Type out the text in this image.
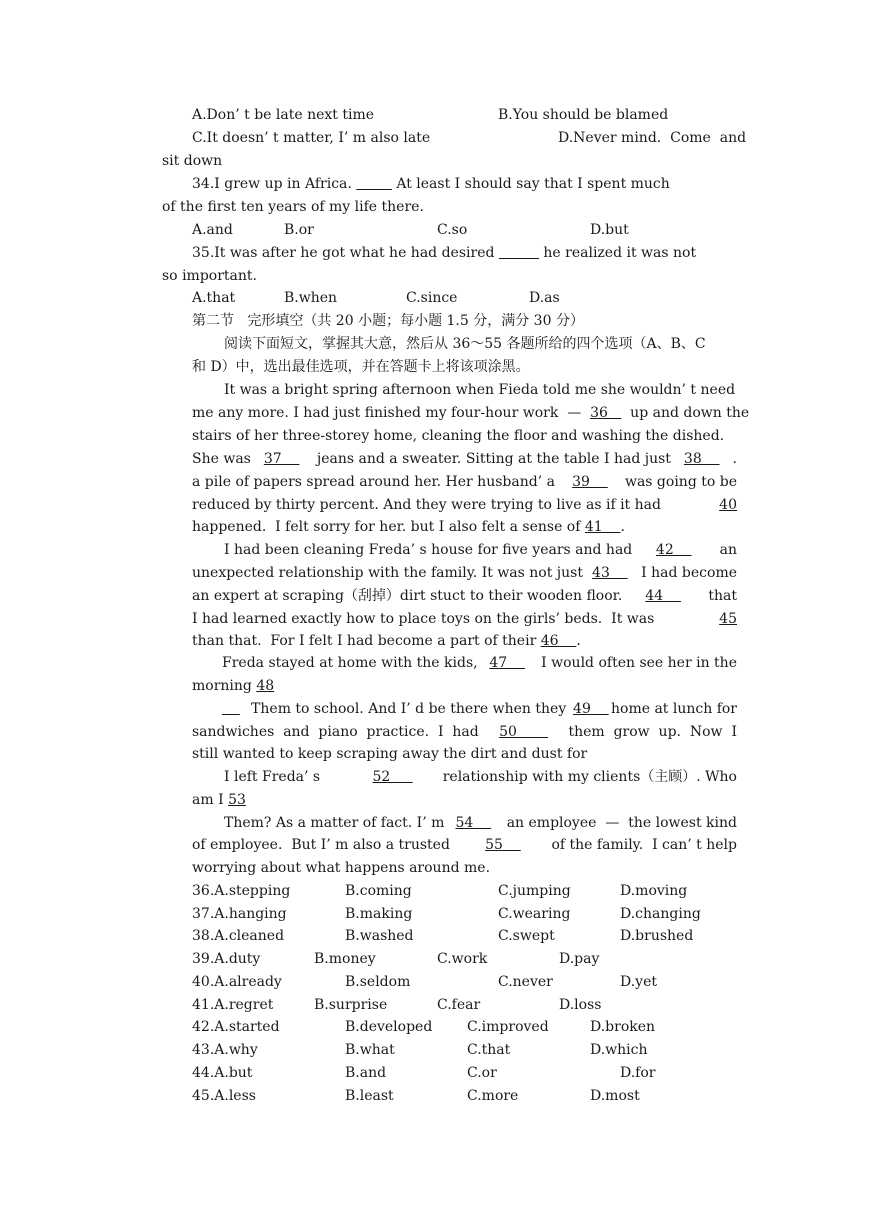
A.Don’ t be late next time	B.You should be blamed
C.It doesn’ t matter, I’ m also late	D.Never mind.  Come  and
sit down
34.I grew up in Africa.	At least I should say that I spent much
of the first ten years of my life there.
A.and	B.or	C.so	D.but
35.It was after he got what he had desired	he realized it was not
so important.
A.that	B.when	C.since	D.as
第二节   完形填空（共 20 小题；每小题 1.5 分，满分 30 分）
阅读下面短文，掌握其大意，然后从 36～55 各题所给的四个选项（A、B、C
和 D）中，选出最佳选项，并在答题卡上将该项涂黑。
It was a bright spring afternoon when Fieda told me she wouldn’ t need
me any more. I had just finished my four-hour work  — 36 up and down the
stairs of her three-storey home, cleaning the floor and washing the dished.
She was 37 jeans and a sweater. Sitting at the table I had just 38 .
a pile of papers spread around her. Her husband’ a 39 was going to be
reduced by thirty percent. And they were trying to live as if it had	40
happened.  I felt sorry for her. but I also felt a sense of 41    .
I had been cleaning Freda’ s house for five years and had 42 an
unexpected relationship with the family. It was not just 43 I had become
an expert at scraping（刮掉）dirt stuct to their wooden floor. 44 that
I had learned exactly how to place toys on the girls’ beds.  It was	45
than that.  For I felt I had become a part of their 46    .
Freda stayed at home with the kids, 47 I would often see her in the
morning 48

Them to school. And I’ d be there when they 49 home at lunch for
sandwiches  and  piano  practice.  I  had 50 them  grow  up.  Now  I
still wanted to keep scraping away the dirt and dust for
I left Freda’ s 52 relationship with my clients（主顾）. Who
am I 53
Them? As a matter of fact. I’ m 54 an employee  —  the lowest kind
of employee.  But I’ m also a trusted 55 of the family.  I can’ t help
worrying about what happens around me.
36.A.stepping	B.coming	C.jumping	D.moving
37.A.hanging	B.making	C.wearing	D.changing
38.A.cleaned	B.washed	C.swept	D.brushed
39.A.duty	B.money	C.work	D.pay
40.A.already	B.seldom	C.never	D.yet
41.A.regret	B.surprise	C.fear	D.loss
42.A.started	B.developed C.improved	D.broken
43.A.why	B.what	C.that	D.which
44.A.but	B.and	C.or	D.for
45.A.less	B.least	C.more	D.most
